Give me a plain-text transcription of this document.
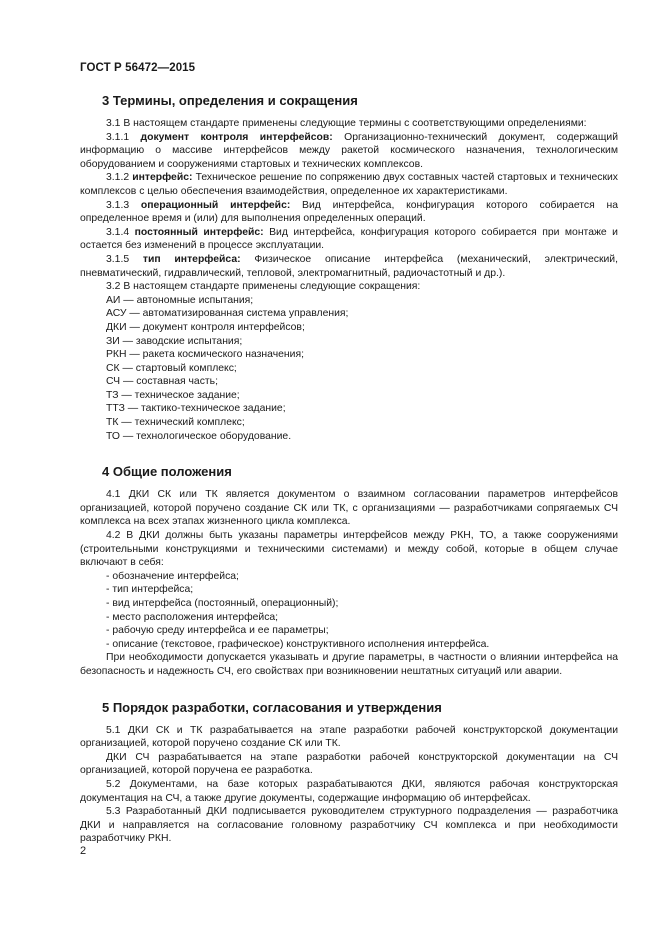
ГОСТ Р 56472—2015
3 Термины, определения и сокращения

3.1 В настоящем стандарте применены следующие термины с соответствующими определениями:

3.1.1 документ контроля интерфейсов: Организационно-технический документ, содержащий информацию о массиве интерфейсов между ракетой космического назначения, технологическим оборудованием и сооружениями стартовых и технических комплексов.

3.1.2 интерфейс: Техническое решение по сопряжению двух составных частей стартовых и технических комплексов с целью обеспечения взаимодействия, определенное их характеристиками.

3.1.3 операционный интерфейс: Вид интерфейса, конфигурация которого собирается на определенное время и (или) для выполнения определенных операций.

3.1.4 постоянный интерфейс: Вид интерфейса, конфигурация которого собирается при монтаже и остается без изменений в процессе эксплуатации.

3.1.5 тип интерфейса: Физическое описание интерфейса (механический, электрический, пневматический, гидравлический, тепловой, электромагнитный, радиочастотный и др.).

3.2 В настоящем стандарте применены следующие сокращения:

АИ — автономные испытания;

АСУ — автоматизированная система управления;

ДКИ — документ контроля интерфейсов;

ЗИ — заводские испытания;

РКН — ракета космического назначения;

СК — стартовый комплекс;

СЧ — составная часть;

ТЗ — техническое задание;

ТТЗ — тактико-техническое задание;

ТК — технический комплекс;

ТО — технологическое оборудование.

4 Общие положения

4.1 ДКИ СК или ТК является документом о взаимном согласовании параметров интерфейсов организацией, которой поручено создание СК или ТК, с организациями — разработчиками сопрягаемых СЧ комплекса на всех этапах жизненного цикла комплекса.

4.2 В ДКИ должны быть указаны параметры интерфейсов между РКН, ТО, а также сооружениями (строительными конструкциями и техническими системами) и между собой, которые в общем случае включают в себя:

- обозначение интерфейса;

- тип интерфейса;

- вид интерфейса (постоянный, операционный);

- место расположения интерфейса;

- рабочую среду интерфейса и ее параметры;

- описание (текстовое, графическое) конструктивного исполнения интерфейса.

При необходимости допускается указывать и другие параметры, в частности о влиянии интерфейса на безопасность и надежность СЧ, его свойствах при возникновении нештатных ситуаций или аварии.

5 Порядок разработки, согласования и утверждения

5.1 ДКИ СК и ТК разрабатывается на этапе разработки рабочей конструкторской документации организацией, которой поручено создание СК или ТК.

ДКИ СЧ разрабатывается на этапе разработки рабочей конструкторской документации на СЧ организацией, которой поручена ее разработка.

5.2 Документами, на базе которых разрабатываются ДКИ, являются рабочая конструкторская документация на СЧ, а также другие документы, содержащие информацию об интерфейсах.

5.3 Разработанный ДКИ подписывается руководителем структурного подразделения — разработчика ДКИ и направляется на согласование головному разработчику СЧ комплекса и при необходимости разработчику РКН.

2
